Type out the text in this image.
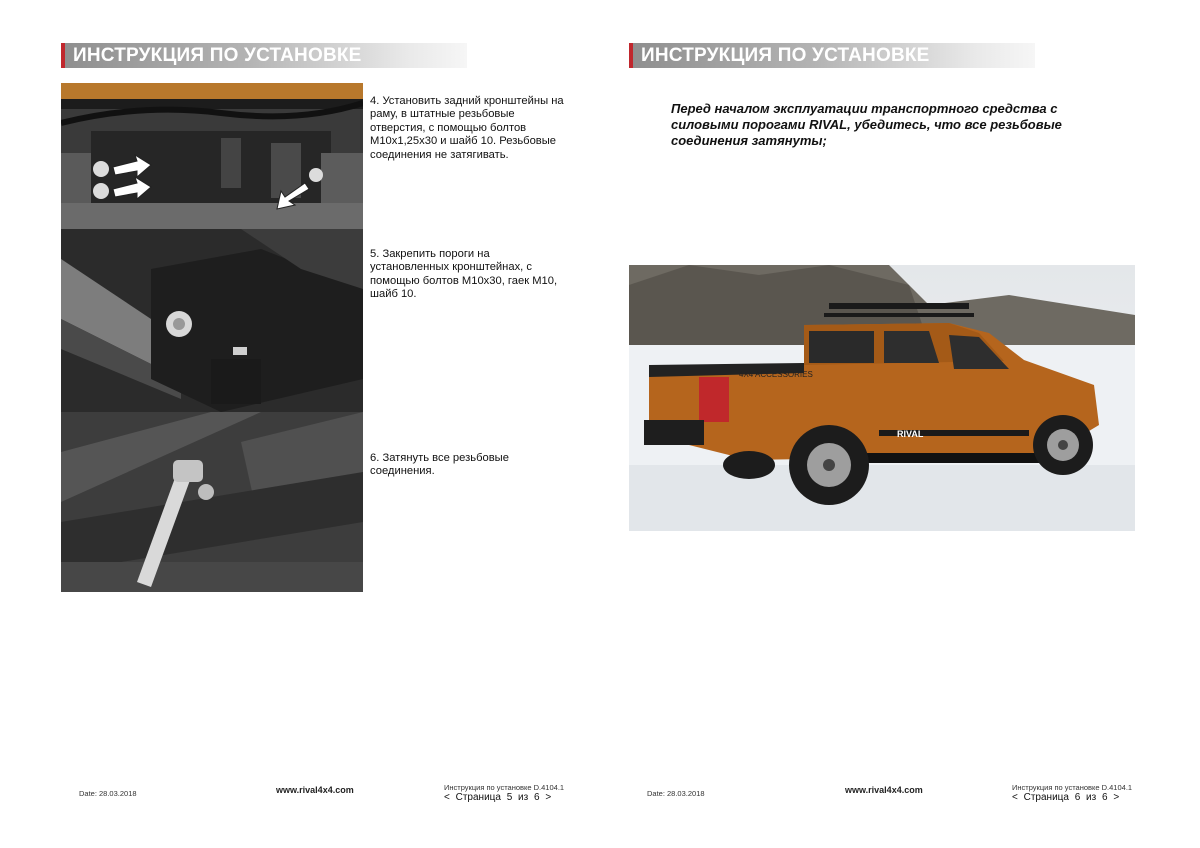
ИНСТРУКЦИЯ ПО УСТАНОВКЕ
4. Установить задний кронштейны на раму, в штатные резьбовые отверстия, с помощью болтов М10х1,25х30 и шайб 10. Резьбовые соединения не затягивать.
5. Закрепить пороги на установленных кронштейнах, с помощью болтов М10х30, гаек М10, шайб 10.
6. Затянуть все резьбовые соединения.
Date: 28.03.2018	www.rival4x4.com	Инструкция по установке D.4104.1
< Страница 5 из 6 >
ИНСТРУКЦИЯ ПО УСТАНОВКЕ
Перед началом эксплуатации транспортного средства с силовыми порогами RIVAL, убедитесь, что все резьбовые соединения затянуты;
4X4 ACCESSORIES
RIVAL
Date: 28.03.2018	www.rival4x4.com	Инструкция по установке D.4104.1
< Страница 6 из 6 >
